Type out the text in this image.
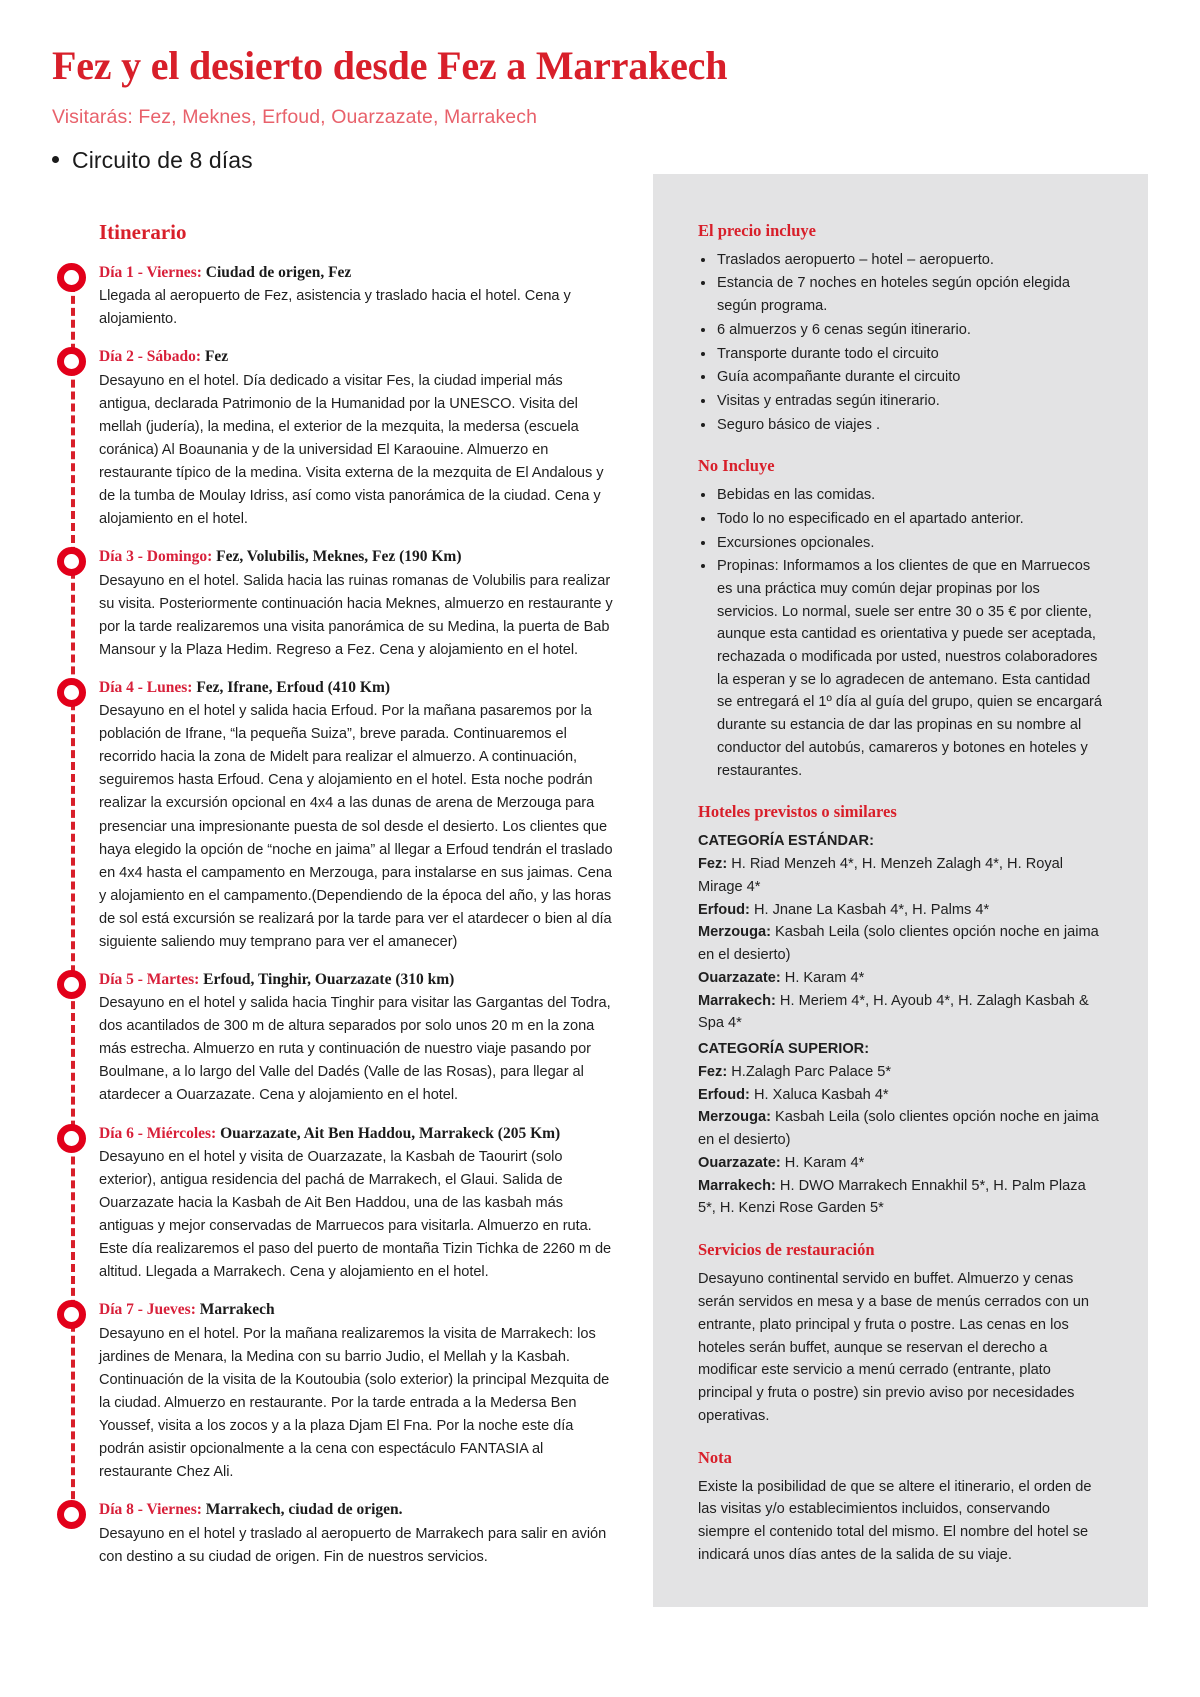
Fez y el desierto desde Fez a Marrakech
Visitarás: Fez, Meknes, Erfoud, Ouarzazate, Marrakech
Circuito de 8 días
Itinerario
Día 1 - Viernes: Ciudad de origen, Fez
Llegada al aeropuerto de Fez, asistencia y traslado hacia el hotel. Cena y alojamiento.
Día 2 - Sábado: Fez
Desayuno en el hotel. Día dedicado a visitar Fes, la ciudad imperial más antigua, declarada Patrimonio de la Humanidad por la UNESCO. Visita del mellah (judería), la medina, el exterior de la mezquita, la medersa (escuela coránica) Al Boaunania y de la universidad El Karaouine. Almuerzo en restaurante típico de la medina. Visita externa de la mezquita de El Andalous y de la tumba de Moulay Idriss, así como vista panorámica de la ciudad. Cena y alojamiento en el hotel.
Día 3 - Domingo: Fez, Volubilis, Meknes, Fez (190 Km)
Desayuno en el hotel. Salida hacia las ruinas romanas de Volubilis para realizar su visita. Posteriormente continuación hacia Meknes, almuerzo en restaurante y por la tarde realizaremos una visita panorámica de su Medina, la puerta de Bab Mansour y la Plaza Hedim. Regreso a Fez. Cena y alojamiento en el hotel.
Día 4 - Lunes: Fez, Ifrane, Erfoud (410 Km)
Desayuno en el hotel y salida hacia Erfoud. Por la mañana pasaremos por la población de Ifrane, “la pequeña Suiza”, breve parada. Continuaremos el recorrido hacia la zona de Midelt para realizar el almuerzo. A continuación, seguiremos hasta Erfoud. Cena y alojamiento en el hotel. Esta noche podrán realizar la excursión opcional en 4x4 a las dunas de arena de Merzouga para presenciar una impresionante puesta de sol desde el desierto. Los clientes que haya elegido la opción de “noche en jaima” al llegar a Erfoud tendrán el traslado en 4x4 hasta el campamento en Merzouga, para instalarse en sus jaimas. Cena y alojamiento en el campamento.(Dependiendo de la época del año, y las horas de sol está excursión se realizará por la tarde para ver el atardecer o bien al día siguiente saliendo muy temprano para ver el amanecer)
Día 5 - Martes: Erfoud, Tinghir, Ouarzazate (310 km)
Desayuno en el hotel y salida hacia Tinghir para visitar las Gargantas del Todra, dos acantilados de 300 m de altura separados por solo unos 20 m en la zona más estrecha. Almuerzo en ruta y continuación de nuestro viaje pasando por Boulmane, a lo largo del Valle del Dadés (Valle de las Rosas), para llegar al atardecer a Ouarzazate. Cena y alojamiento en el hotel.
Día 6 - Miércoles: Ouarzazate, Ait Ben Haddou, Marrakeck (205 Km)
Desayuno en el hotel y visita de Ouarzazate, la Kasbah de Taourirt (solo exterior), antigua residencia del pachá de Marrakech, el Glaui. Salida de Ouarzazate hacia la Kasbah de Ait Ben Haddou, una de las kasbah más antiguas y mejor conservadas de Marruecos para visitarla. Almuerzo en ruta. Este día realizaremos el paso del puerto de montaña Tizin Tichka de 2260 m de altitud. Llegada a Marrakech. Cena y alojamiento en el hotel.
Día 7 - Jueves: Marrakech
Desayuno en el hotel. Por la mañana realizaremos la visita de Marrakech: los jardines de Menara, la Medina con su barrio Judio, el Mellah y la Kasbah. Continuación de la visita de la Koutoubia (solo exterior) la principal Mezquita de la ciudad. Almuerzo en restaurante. Por la tarde entrada a la Medersa Ben Youssef, visita a los zocos y a la plaza Djam El Fna. Por la noche este día podrán asistir opcionalmente a la cena con espectáculo FANTASIA al restaurante Chez Ali.
Día 8 - Viernes: Marrakech, ciudad de origen.
Desayuno en el hotel y traslado al aeropuerto de Marrakech para salir en avión con destino a su ciudad de origen. Fin de nuestros servicios.
El precio incluye
Traslados aeropuerto – hotel – aeropuerto.
Estancia de 7 noches en hoteles según opción elegida según programa.
6 almuerzos y 6 cenas según itinerario.
Transporte durante todo el circuito
Guía acompañante durante el circuito
Visitas y entradas según itinerario.
Seguro básico de viajes .
No Incluye
Bebidas en las comidas.
Todo lo no especificado en el apartado anterior.
Excursiones opcionales.
Propinas: Informamos a los clientes de que en Marruecos es una práctica muy común dejar propinas por los servicios. Lo normal, suele ser entre 30 o 35 € por cliente, aunque esta cantidad es orientativa y puede ser aceptada, rechazada o modificada por usted, nuestros colaboradores la esperan y se lo agradecen de antemano. Esta cantidad se entregará el 1º día al guía del grupo, quien se encargará durante su estancia de dar las propinas en su nombre al conductor del autobús, camareros y botones en hoteles y restaurantes.
Hoteles previstos o similares
CATEGORÍA ESTÁNDAR:
Fez: H. Riad Menzeh 4*, H. Menzeh Zalagh 4*, H. Royal Mirage 4*
Erfoud: H. Jnane La Kasbah 4*, H. Palms 4*
Merzouga: Kasbah Leila (solo clientes opción noche en jaima en el desierto)
Ouarzazate: H. Karam 4*
Marrakech: H. Meriem 4*, H. Ayoub 4*, H. Zalagh Kasbah & Spa 4*
CATEGORÍA SUPERIOR:
Fez: H.Zalagh Parc Palace 5*
Erfoud: H. Xaluca Kasbah 4*
Merzouga: Kasbah Leila (solo clientes opción noche en jaima en el desierto)
Ouarzazate: H. Karam 4*
Marrakech: H. DWO Marrakech Ennakhil 5*, H. Palm Plaza 5*, H. Kenzi Rose Garden 5*
Servicios de restauración
Desayuno continental servido en buffet. Almuerzo y cenas serán servidos en mesa y a base de menús cerrados con un entrante, plato principal y fruta o postre. Las cenas en los hoteles serán buffet, aunque se reservan el derecho a modificar este servicio a menú cerrado (entrante, plato principal y fruta o postre) sin previo aviso por necesidades operativas.
Nota
Existe la posibilidad de que se altere el itinerario, el orden de las visitas y/o establecimientos incluidos, conservando siempre el contenido total del mismo. El nombre del hotel se indicará unos días antes de la salida de su viaje.
